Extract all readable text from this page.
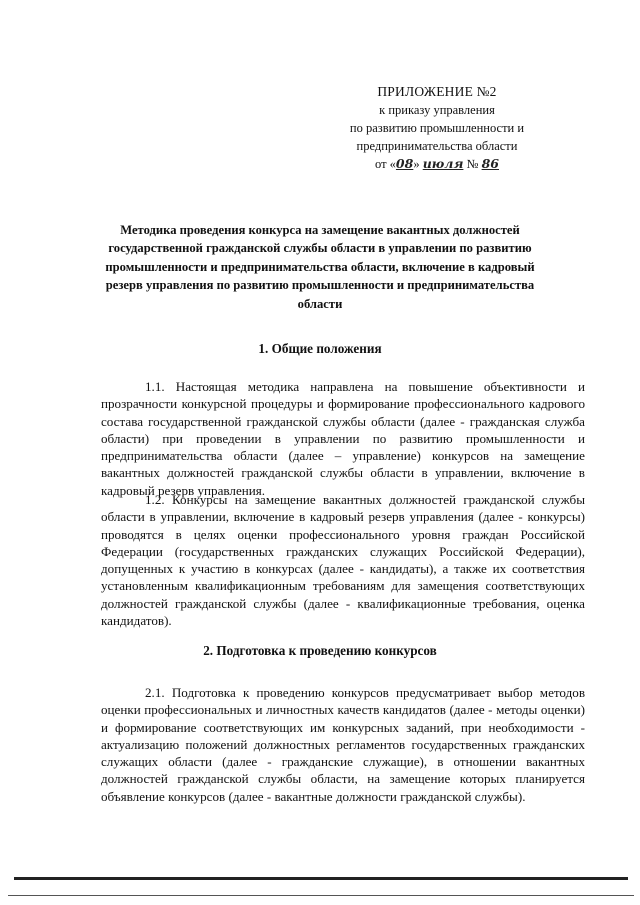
ПРИЛОЖЕНИЕ №2
к приказу управления
по развитию промышленности и
предпринимательства области
от «08» июля № 86
Методика проведения конкурса на замещение вакантных должностей государственной гражданской службы области в управлении по развитию промышленности и предпринимательства области, включение в кадровый резерв управления по развитию промышленности и предпринимательства области
1. Общие положения

1.1. Настоящая методика направлена на повышение объективности и прозрачности конкурсной процедуры и формирование профессионального кадрового состава государственной гражданской службы области (далее - гражданская служба области) при проведении в управлении по развитию промышленности и предпринимательства области (далее – управление) конкурсов на замещение вакантных должностей гражданской службы области в управлении, включение в кадровый резерв управления.

1.2. Конкурсы на замещение вакантных должностей гражданской службы области в управлении, включение в кадровый резерв управления (далее - конкурсы) проводятся в целях оценки профессионального уровня граждан Российской Федерации (государственных гражданских служащих Российской Федерации), допущенных к участию в конкурсах (далее - кандидаты), а также их соответствия установленным квалификационным требованиям для замещения соответствующих должностей гражданской службы (далее - квалификационные требования, оценка кандидатов).

2. Подготовка к проведению конкурсов

2.1. Подготовка к проведению конкурсов предусматривает выбор методов оценки профессиональных и личностных качеств кандидатов (далее - методы оценки) и формирование соответствующих им конкурсных заданий, при необходимости - актуализацию положений должностных регламентов государственных гражданских служащих области (далее - гражданские служащие), в отношении вакантных должностей гражданской службы области, на замещение которых планируется объявление конкурсов (далее - вакантные должности гражданской службы).
